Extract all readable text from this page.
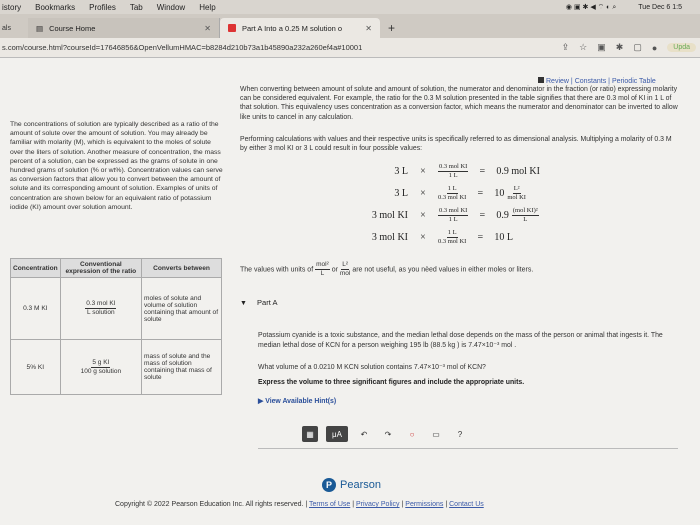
istory Bookmarks Profiles Tab Window Help	◉ ▣ ✱ ◀ ⌔ ◐ ⌕	Tue Dec 6 1:5
als	▤ Course Home	✕	Part A Into a 0.25 M solution o	✕	+
s.com/course.html?courseId=17646856&OpenVellumHMAC=b8284d210b73a1b45890a232a260ef4a#10001	⇪ ☆ ▣ ✱ ▢ ●	Upda
Review | Constants | Periodic Table
The concentrations of solution are typically described as a ratio of the amount of solute over the amount of solution. You may already be familiar with molarity (M), which is equivalent to the moles of solute over the liters of solution. Another measure of concentration, the mass percent of a solution, can be expressed as the grams of solute in one hundred grams of solution (% or wt%). Concentration values can serve as conversion factors that allow you to convert between the amount of solute and its corresponding amount of solution. Examples of units of concentration are shown below for an equivalent ratio of potassium iodide (KI) amount over solution amount.
Concentration	Conventional expression of the ratio	Converts between
0.3 M KI	$\frac{\text{0.3 mol KI}}{\text{L solution}}$	moles of solute and volume of solution containing that amount of solute
5% KI	$\frac{\text{5 g KI}}{\text{100 g solution}}$	mass of solute and the mass of solution containing that mass of solute
When converting between amount of solute and amount of solution, the numerator and denominator in the fraction (or ratio) expressing molarity can be considered equivalent. For example, the ratio for the 0.3 M solution presented in the table signifies that there are 0.3 mol of KI in 1 L of that solution. This equivalency uses concentration as a conversion factor, which means the numerator and denominator can be inverted to allow like units to cancel in any calculation.
Performing calculations with values and their respective units is specifically referred to as dimensional analysis. Multiplying a molarity of 0.3 M by either 3 mol KI or 3 L could result in four possible values:
3 L	×	$\frac{\text{0.3 mol KI}}{1 L}$	=	0.9 mol KI
3 L	×	$\frac{1 L}{\text{0.3 mol KI}}$	=	$10 \frac{\text{L²}}{\text{mol KI}}$
3 mol KI	×	$\frac{\text{0.3 mol KI}}{1 L}$	=	$0.9 \frac{\text{(mol KI)²}}{L}$
3 mol KI	×	$\frac{1 L}{\text{0.3 mol KI}}$	=	10 L
The values with units of $\frac{\text{mol²}}{L}$ or $\frac{\text{L²}}{\text{mol}}$ are not useful, as you nèed values in either moles or liters.
▼ Part A
Potassium cyanide is a toxic substance, and the median lethal dose depends on the mass of the person or animal that ingests it. The median lethal dose of KCN for a person weighing 195 lb (88.5 kg ) is 7.47×10⁻³ mol .
What volume of a 0.0210 M KCN solution contains 7.47×10⁻³ mol of KCN?
Express the volume to three significant figures and include the appropriate units.
▶ View Available Hint(s)
▦	μA	↶	↷	○	▭	?
P Pearson
Copyright © 2022 Pearson Education Inc. All rights reserved. | Terms of Use | Privacy Policy | Permissions | Contact Us
